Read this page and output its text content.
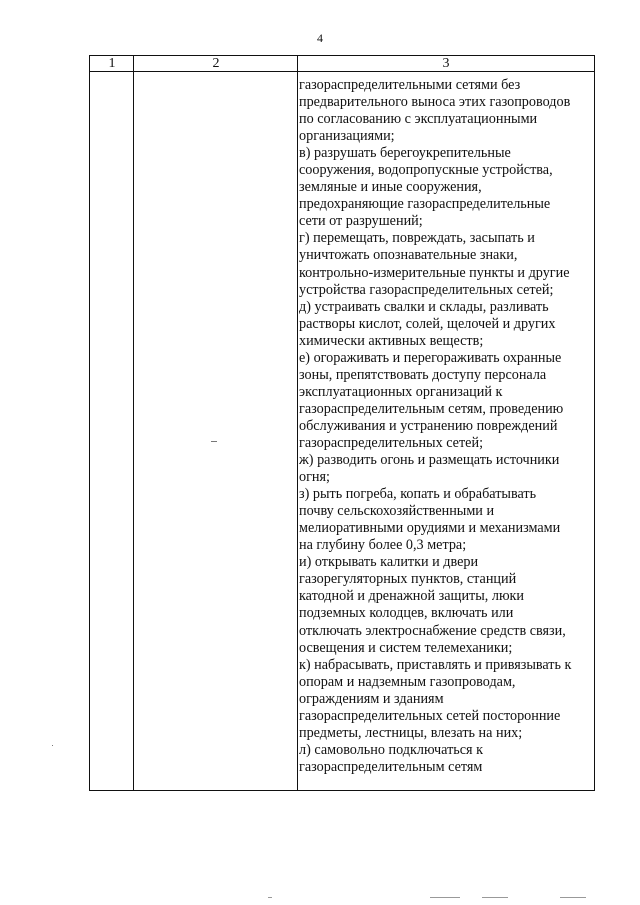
4
1	2	3
газораспределительными сетями без
предварительного выноса этих газопроводов
по согласованию с эксплуатационными
организациями;
в) разрушать берегоукрепительные
сооружения, водопропускные устройства,
земляные и иные сооружения,
предохраняющие газораспределительные
сети от разрушений;
г) перемещать, повреждать, засыпать и
уничтожать опознавательные знаки,
контрольно-измерительные пункты и другие
устройства газораспределительных сетей;
д) устраивать свалки и склады, разливать
растворы кислот, солей, щелочей и других
химически активных веществ;
е) огораживать и перегораживать охранные
зоны, препятствовать доступу персонала
эксплуатационных организаций к
газораспределительным сетям, проведению
обслуживания и устранению повреждений
газораспределительных сетей;
ж) разводить огонь и размещать источники
огня;
з) рыть погреба, копать и обрабатывать
почву сельскохозяйственными и
мелиоративными орудиями и механизмами
на глубину более 0,3 метра;
и) открывать калитки и двери
газорегуляторных пунктов, станций
катодной и дренажной защиты, люки
подземных колодцев, включать или
отключать электроснабжение средств связи,
освещения и систем телемеханики;
к) набрасывать, приставлять и привязывать к
опорам и надземным газопроводам,
ограждениям и зданиям
газораспределительных сетей посторонние
предметы, лестницы, влезать на них;
л) самовольно подключаться к
газораспределительным сетям
